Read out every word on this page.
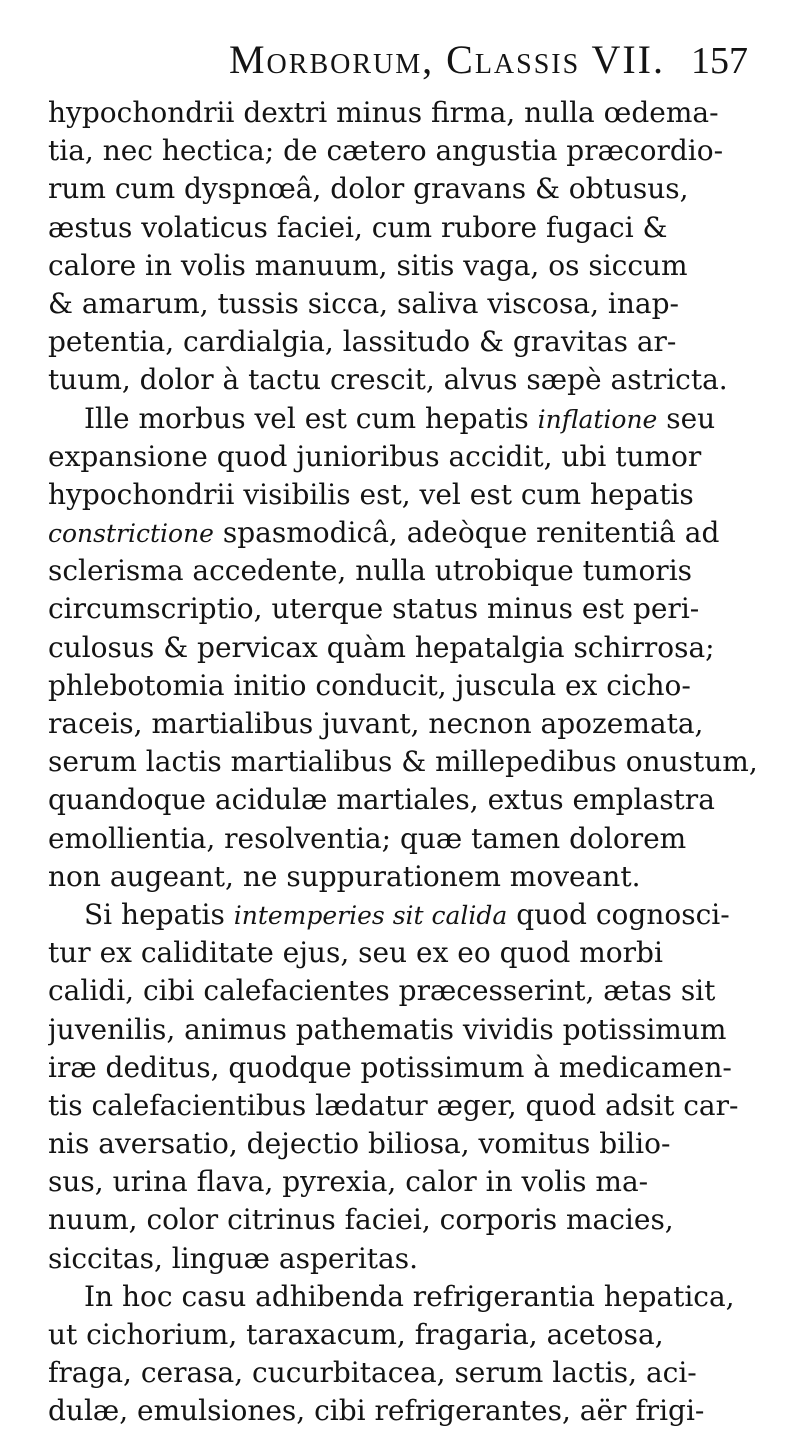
Morborum, Classis VII. 157
hypochondrii dextri minus firma, nulla œdema-
tia, nec hectica; de cætero angustia præcordio-
rum cum dyspnœâ, dolor gravans & obtusus,
æstus volaticus faciei, cum rubore fugaci &
calore in volis manuum, sitis vaga, os siccum
& amarum, tussis sicca, saliva viscosa, inap-
petentia, cardialgia, lassitudo & gravitas ar-
tuum, dolor à tactu crescit, alvus sæpè astricta.
Ille morbus vel est cum hepatis inflatione seu
expansione quod junioribus accidit, ubi tumor
hypochondrii visibilis est, vel est cum hepatis
constrictione spasmodicâ, adeòque renitentiâ ad
sclerisma accedente, nulla utrobique tumoris
circumscriptio, uterque status minus est peri-
culosus & pervicax quàm hepatalgia schirrosa;
phlebotomia initio conducit, juscula ex cicho-
raceis, martialibus juvant, necnon apozemata,
serum lactis martialibus & millepedibus onustum,
quandoque acidulæ martiales, extus emplastra
emollientia, resolventia; quæ tamen dolorem
non augeant, ne suppurationem moveant.
Si hepatis intemperies sit calida quod cognosci-
tur ex caliditate ejus, seu ex eo quod morbi
calidi, cibi calefacientes præcesserint, ætas sit
juvenilis, animus pathematis vividis potissimum
iræ deditus, quodque potissimum à medicamen-
tis calefacientibus lædatur æger, quod adsit car-
nis aversatio, dejectio biliosa, vomitus bilio-
sus, urina flava, pyrexia, calor in volis ma-
nuum, color citrinus faciei, corporis macies,
siccitas, linguæ asperitas.
In hoc casu adhibenda refrigerantia hepatica,
ut cichorium, taraxacum, fragaria, acetosa,
fraga, cerasa, cucurbitacea, serum lactis, aci-
dulæ, emulsiones, cibi refrigerantes, aër frigi-
